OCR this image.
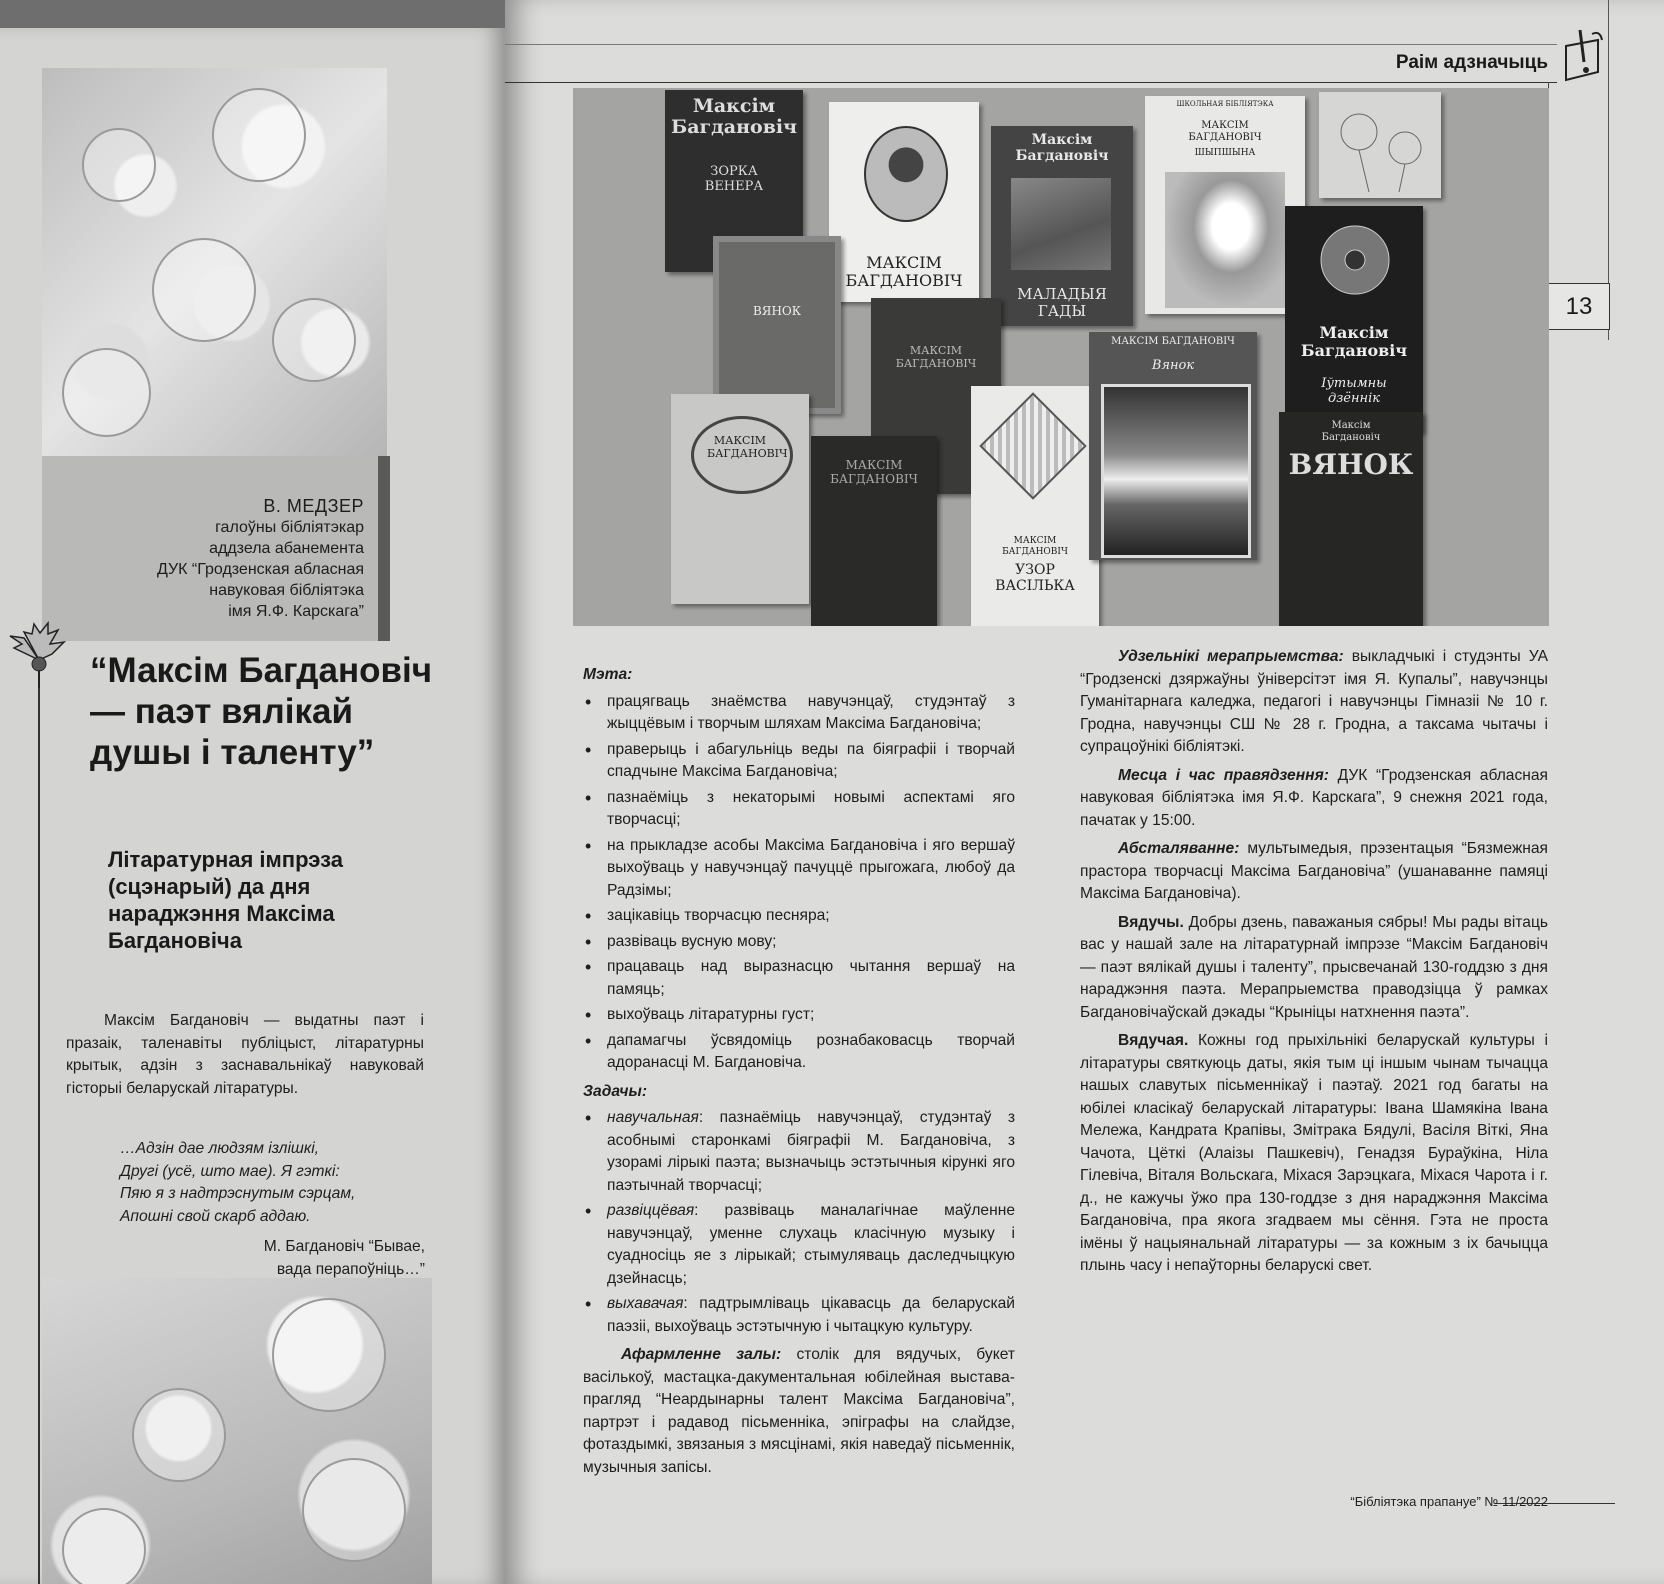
В. МЕДЗЕР
галоўны бібліятэкар
аддзела абанемента
ДУК “Гродзенская абласная
навуковая бібліятэка
імя Я.Ф. Карскага”
“Максім Багдановіч — паэт вялікай душы і таленту”
Літаратурная імпрэза (сцэнарый) да дня нараджэння Максіма Багдановіча

Максім Багдановіч — выдатны паэт і празаік, таленавіты публіцыст, літаратурны крытык, адзін з заснавальнікаў навуковай гісторыі беларускай літаратуры.

…Адзін дае людзям ізлішкі,
Другі (усё, што мае). Я гэткі:
Пяю я з надтрэснутым сэрцам,
Апошні свой скарб аддаю.
М. Багдановіч “Бывае,
вада перапоўніць…”
Раім адзначыць
13
Максім Багдановіч
ЗОРКА ВЕНЕРА
МАКСІМ БАГДАНОВІЧ
Максім Багдановіч
МАЛАДЫЯ ГАДЫ
ШКОЛЬНАЯ БІБЛІЯТЭКА
МАКСІМ БАГДАНОВІЧ
ШЫПШЫНА
ВЯНОК
Максім Багдановіч
Іўтымны дзённік
МАКСІМ БАГДАНОВІЧ
МАКСІМ БАГДАНОВІЧ
МАКСІМ БАГДАНОВІЧ
МАКСІМ БАГДАНОВІЧ
УЗОР ВАСІЛЬКА
МАКСІМ БАГДАНОВІЧ
Вянок
Максім Багдановіч
ВЯНОК
Мэта:
• працягваць знаёмства навучэнцаў, студэнтаў з жыццёвым і творчым шляхам Максіма Багдановіча;
• праверыць і абагульніць веды па біяграфіі і творчай спадчыне Максіма Багдановіча;
• пазнаёміць з некаторымі новымі аспектамі яго творчасці;
• на прыкладзе асобы Максіма Багдановіча і яго вершаў выхоўваць у навучэнцаў пачуццё прыгожага, любоў да Радзімы;
• зацікавіць творчасцю песняра;
• развіваць вусную мову;
• працаваць над выразнасцю чытання вершаў на памяць;
• выхоўваць літаратурны густ;
• дапамагчы ўсвядоміць рознабаковасць творчай адоранасці М. Багдановіча.
Задачы:
• навучальная: пазнаёміць навучэнцаў, студэнтаў з асобнымі старонкамі біяграфіі М. Багдановіча, з узорамі лірыкі паэта; вызначыць эстэтычныя кірункі яго паэтычнай творчасці;
• развіццёвая: развіваць маналагічнае маўленне навучэнцаў, уменне слухаць класічную музыку і суадносіць яе з лірыкай; стымуляваць даследчыцкую дзейнасць;
• выхавачая: падтрымліваць цікавасць да беларускай паэзіі, выхоўваць эстэтычную і чытацкую культуру.

Афармленне залы: столік для вядучых, букет васількоў, мастацка-дакументальная юбілейная выстава-прагляд “Неардынарны талент Максіма Багдановіча”, партрэт і радавод пісьменніка, эпіграфы на слайдзе, фотаздымкі, звязаныя з мясцінамі, якія наведаў пісьменнік, музычныя запісы.

Удзельнікі мерапрыемства: выкладчыкі і студэнты УА “Гродзенскі дзяржаўны ўніверсітэт імя Я. Купалы”, навучэнцы Гуманітарнага каледжа, педагогі і навучэнцы Гімназіі № 10 г. Гродна, навучэнцы СШ № 28 г. Гродна, а таксама чытачы і супрацоўнікі бібліятэкі.

Месца і час правядзення: ДУК “Гродзенская абласная навуковая бібліятэка імя Я.Ф. Карскага”, 9 снежня 2021 года, пачатак у 15:00.

Абсталяванне: мультымедыя, прэзентацыя “Бязмежная прастора творчасці Максіма Багдановіча” (ушанаванне памяці Максіма Багдановіча).

Вядучы. Добры дзень, паважаныя сябры! Мы рады вітаць вас у нашай зале на літаратурнай імпрэзе “Максім Багдановіч — паэт вялікай душы і таленту”, прысвечанай 130-годдзю з дня нараджэння паэта. Мерапрыемства праводзіцца ў рамках Багдановічаўскай дэкады “Крыніцы натхнення паэта”.

Вядучая. Кожны год прыхільнікі беларускай культуры і літаратуры святкуюць даты, якія тым ці іншым чынам тычацца нашых славутых пісьменнікаў і паэтаў. 2021 год багаты на юбілеі класікаў беларускай літаратуры: Івана Шамякіна Івана Мележа, Кандрата Крапівы, Змітрака Бядулі, Васіля Віткі, Яна Чачота, Цёткі (Алаізы Пашкевіч), Генадзя Бураўкіна, Ніла Гілевіча, Віталя Вольскага, Міхася Зарэцкага, Міхася Чарота і г. д., не кажучы ўжо пра 130-годдзе з дня нараджэння Максіма Багдановіча, пра якога згадваем мы сёння. Гэта не проста імёны ў нацыянальнай літаратуры — за кожным з іх бачыцца плынь часу і непаўторны беларускі свет.

“Бібліятэка прапануе” № 11/2022
